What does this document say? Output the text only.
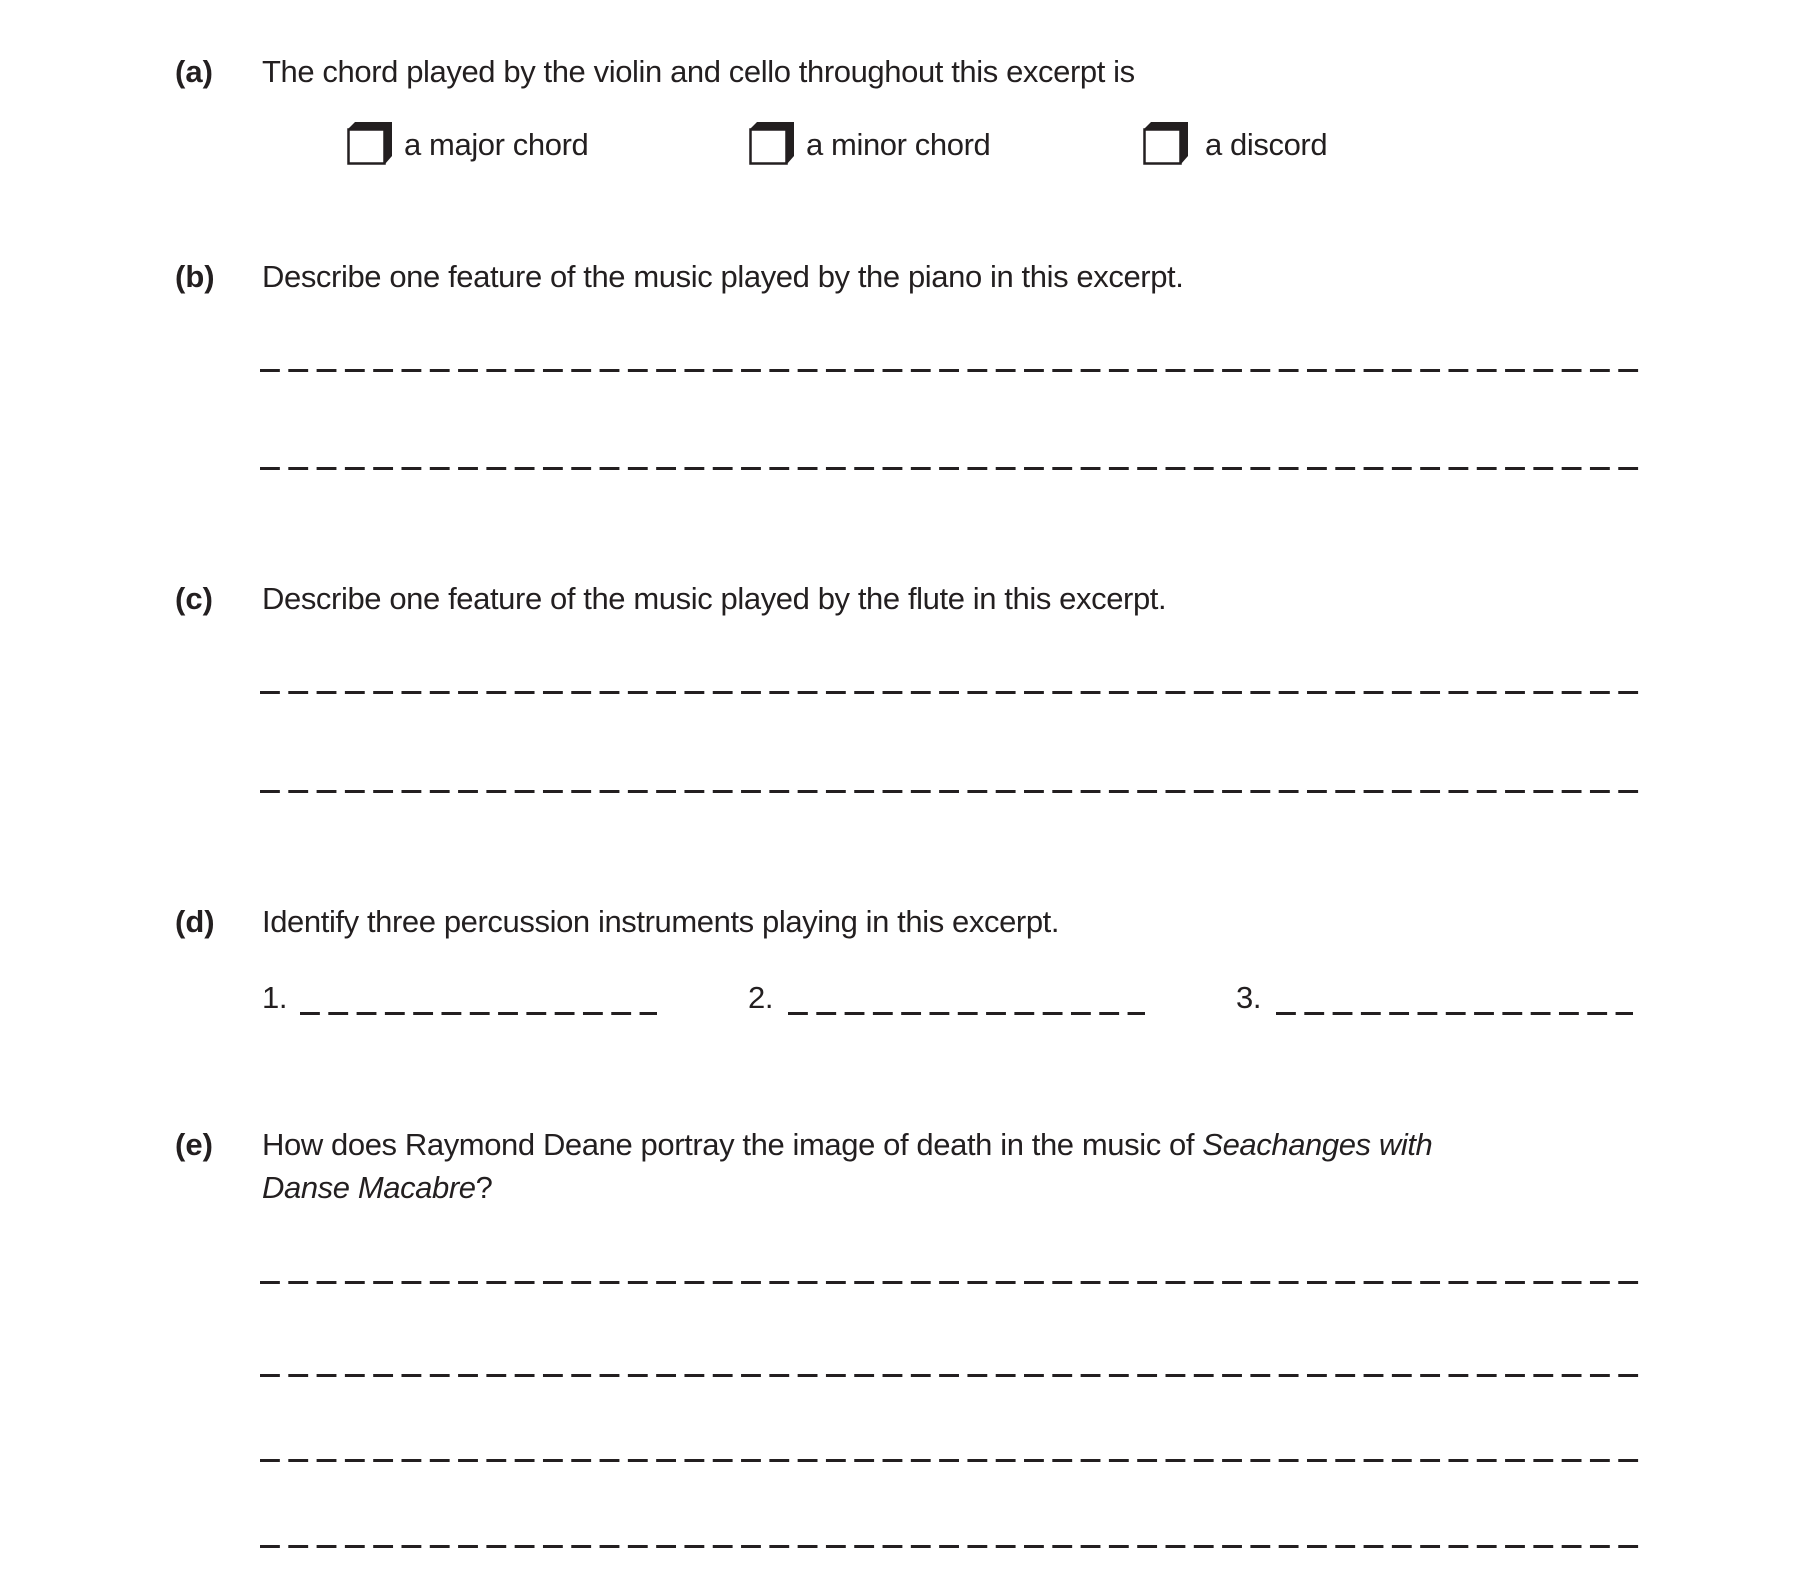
(a) The chord played by the violin and cello throughout this excerpt is
a major chord	a minor chord	a discord
(b) Describe one feature of the music played by the piano in this excerpt.
(c) Describe one feature of the music played by the flute in this excerpt.
(d) Identify three percussion instruments playing in this excerpt.
1.	2.	3.
(e) How does Raymond Deane portray the image of death in the music of Seachanges with
Danse Macabre?
